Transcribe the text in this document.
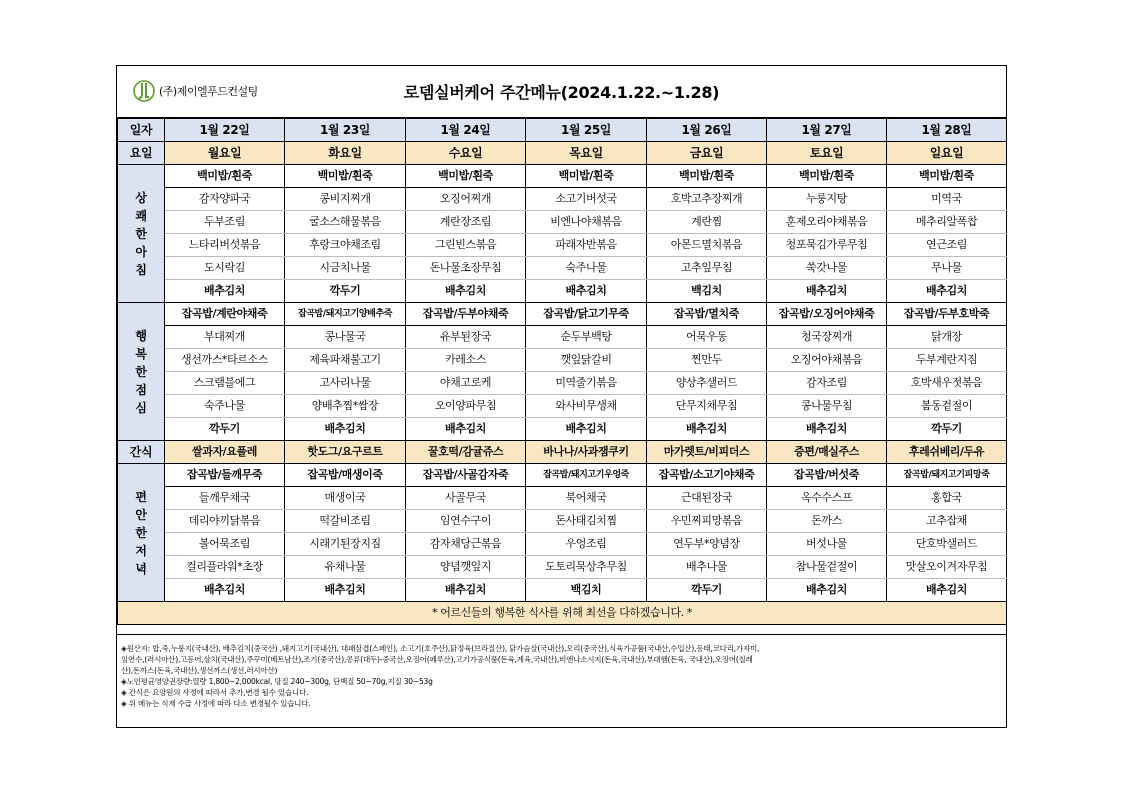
(주)제이엘푸드컨설팅	로뎀실버케어 주간메뉴(2024.1.22.~1.28)
일자	1월 22일	1월 23일	1월 24일	1월 25일	1월 26일	1월 27일	1월 28일
요일	월요일	화요일	수요일	목요일	금요일	토요일	일요일

상
쾌
한
아
침	백미밥/흰죽	백미밥/흰죽	백미밥/흰죽	백미밥/흰죽	백미밥/흰죽	백미밥/흰죽	백미밥/흰죽
	감자양파국	콩비지찌개	오징어찌개	소고기버섯국	호박고추장찌개	누룽지탕	미역국
	두부조림	굴소스해물볶음	계란장조림	비엔나야채볶음	계란찜	훈제오리야채볶음	메추리알폭찹
	느타리버섯볶음	후랑크야채조림	그린빈스볶음	파래자반볶음	아몬드멸치볶음	청포묵김가루무침	연근조림
	도시락김	시금치나물	돈나물초장무침	숙주나물	고추잎무침	쑥갓나물	무나물
	배추김치	깍두기	배추김치	배추김치	백김치	배추김치	배추김치

행
복
한
점
심	잡곡밥/계란야채죽	잡곡밥/돼지고기양배추죽	잡곡밥/두부야채죽	잡곡밥/닭고기무죽	잡곡밥/멸치죽	잡곡밥/오징어야채죽	잡곡밥/두부호박죽
	부대찌개	콩나물국	유부된장국	순두부백탕	어묵우동	청국장찌개	닭개장
	생선까스*타르소스	제육파채불고기	카레소스	깻잎닭갈비	찐만두	오징어야채볶음	두부계란지짐
	스크램블에그	고사리나물	야채고로케	미역줄기볶음	양상추샐러드	감자조림	호박새우젓볶음
	숙주나물	양배추찜*쌈장	오이양파무침	와사비무생채	단무지채무침	콩나물무침	봄동겉절이
	깍두기	배추김치	배추김치	배추김치	배추김치	배추김치	깍두기
간식	쌀과자/요플레	핫도그/요구르트	꿀호떡/감귤쥬스	바나나/사과잼쿠키	마가렛트/비피더스	증편/매실주스	후레쉬베리/두유

편
안
한
저
녁	잡곡밥/들깨무죽	잡곡밥/매생이죽	잡곡밥/사골감자죽	잡곡밥/돼지고기우엉죽	잡곡밥/소고기야채죽	잡곡밥/버섯죽	잡곡밥/돼지고기피망죽
	들깨무채국	매생이국	사골무국	북어채국	근대된장국	옥수수스프	홍합국
	데리야끼닭볶음	떡갈비조림	임연수구이	돈사태김치찜	우민찌피망볶음	돈까스	고추잡채
	볼어묵조림	시래기된장지짐	감자채당근볶음	우엉조림	연두부*양념장	버섯나물	단호박샐러드
	컬리플라워*초장	유채나물	양념깻잎지	도토리묵상추무침	배추나물	참나물겉절이	맛살오이겨자무침
	배추김치	배추김치	배추김치	백김치	깍두기	배추김치	배추김치
* 어르신들의 행복한 식사를 위해 최선을 다하겠습니다. *							

◈원산지: 밥,죽,누룽지(국내산), 배추김치(중국산) ,돼지고기(국내산), 대패삼겹(스페인), 소고기(호주산),닭정육(브라질산), 닭가슴살(국내산),오리(중국산),식육가공품(국내산,수입산),동태,코다리,가자미,

임연수,(러시아산),고등어,삼치(국내산),주꾸미(베트남산),조기(중국산),콩류(대두)-중국산,오징어(페루산),고기가공식품(돈육,계육,국내산),비엔나소시지(돈육,국내산),부대햄(돈육, 국내산),오징어(칠레

산),돈까스(돈육,국내산),생선까스(생선,러시아산)

◈노인평균영양권장량:열량 1,800~2,000kcal, 당질 240~300g, 단백질 50~70g,지질 30~53g

◈ 간식은 요양원의 사정에 따라서 추가,변경 될수 있습니다.

◈ 위 메뉴는 식재 수급 사정에 따라 다소 변경될수 있습니다.
